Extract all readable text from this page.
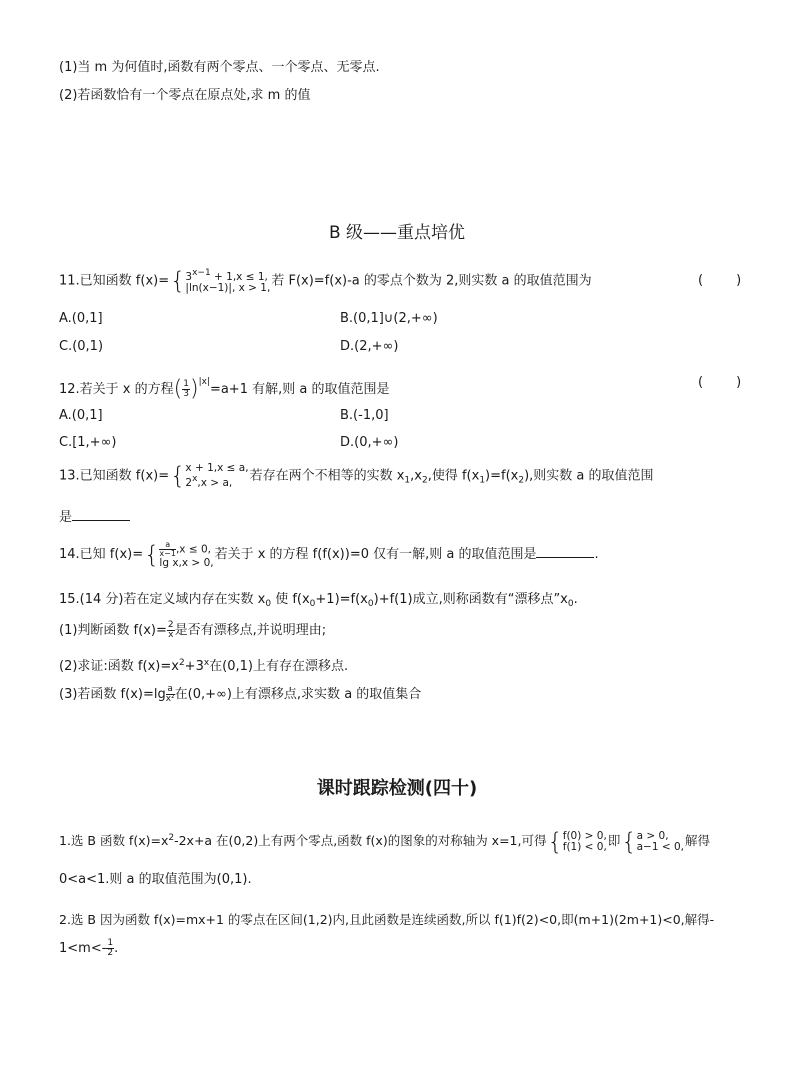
(1)当 m 为何值时,函数有两个零点、一个零点、无零点.
(2)若函数恰有一个零点在原点处,求 m 的值
B 级——重点培优
11.已知函数 f(x)={ 3x−1 + 1,x ≤ 1,
|ln(x−1)|, x > 1, 若 F(x)=f(x)-a 的零点个数为 2,则实数 a 的取值范围为	(        )
A.(0,1]	B.(0,1]∪(2,+∞)
C.(0,1)	D.(2,+∞)
12.若关于 x 的方程( $\frac{1}{3} )^{|x|}=a+1$ 有解,则 a 的取值范围是	(        )
A.(0,1]	B.(-1,0]
C.[1,+∞)	D.(0,+∞)
13.已知函数 f(x)={ x + 1,x ≤ a,
2x,x > a,	若存在两个不相等的实数 $x_1,x_2$,使得 $f(x_1)=f(x_2)$,则实数 a 的取值范围
是
14.已知 $f(x)=\{ \frac{a}{x-1} ,x \le 0$,
lg x,x > 0,
若关于 x 的方程 f(f(x))=0 仅有一解,则 a 的取值范围是	.
15.(14 分)若在定义域内存在实数 $x_0$ 使 $f(x_0+1)=f(x_0)+f(1)$成立,则称函数有“漂移点$”x_0$.
(1)判断函数 $f(x)= \frac{2}{x}$ 是否有漂移点,并说明理由;
(2)求证:函数 $f(x)=x^2+3^x$在(0,1)上有存在漂移点.
(3)若函数 $f(x)=\lg \frac{a}{\text{x²}}$ 在(0,+∞)上有漂移点,求实数 a 的取值集合
课时跟踪检测(四十)
1.选 B 函数 $f(x)=x^2-2x+a$ 在(0,2)上有两个零点,函数 f(x)的图象的对称轴为 x=1,可得{ f(0) > 0,
f(1) < 0, 即{ a > 0,
a−1 < 0, 解得
0<a<1.则 a 的取值范围为(0,1).
2.选 B 因为函数 f(x)=mx+1 的零点在区间(1,2)内,且此函数是连续函数,所以 f(1)f(2)<0,即(m+1)(2m+1)<0,解得-
$1<m<- \frac{1}{2}$ .
